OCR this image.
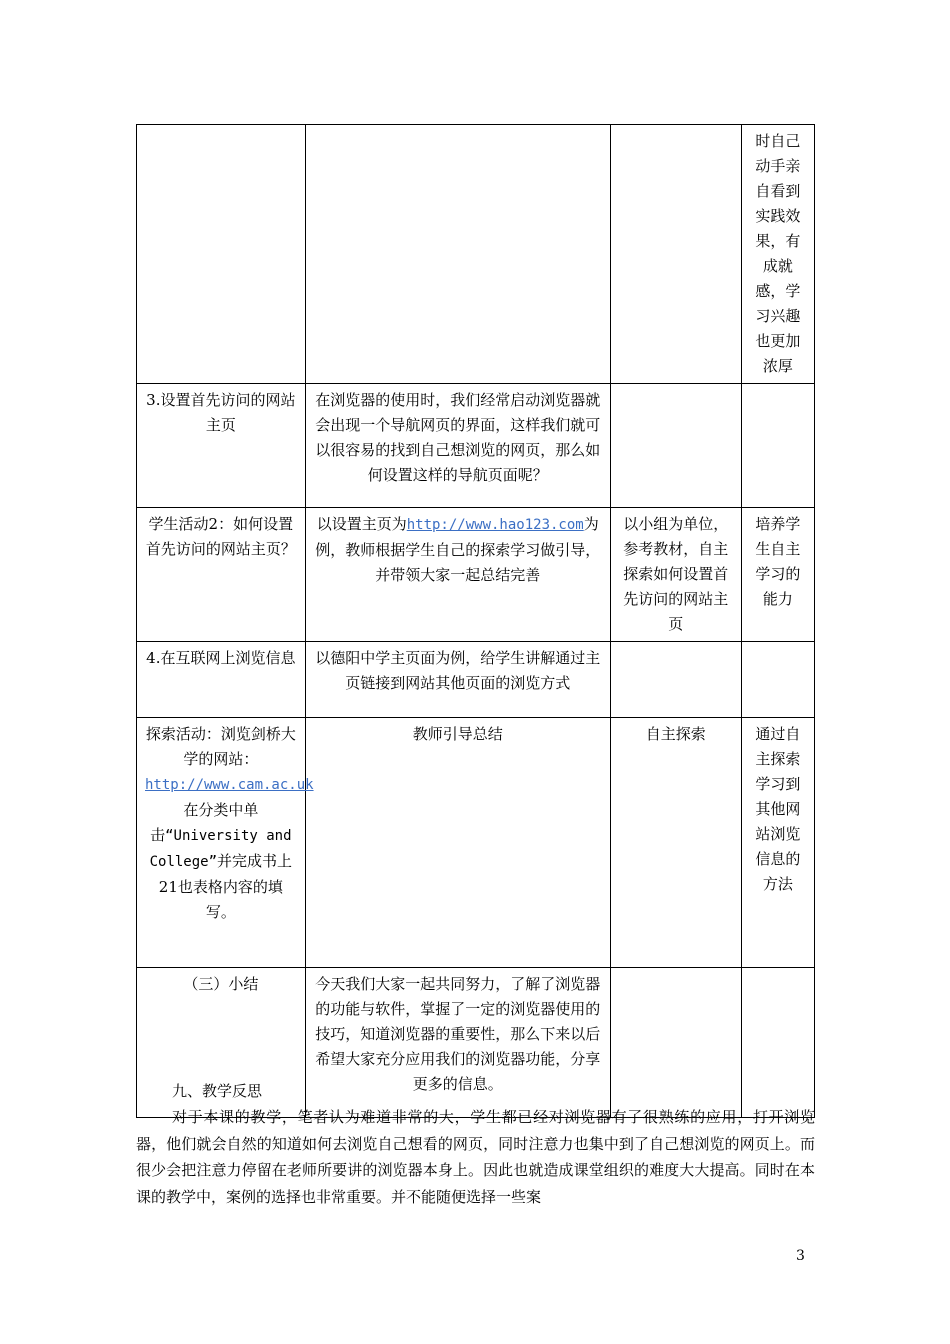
			时自己动手亲自看到实践效果，有成就感，学习兴趣也更加浓厚
3.设置首先访问的网站主页	在浏览器的使用时，我们经常启动浏览器就会出现一个导航网页的界面，这样我们就可以很容易的找到自己想浏览的网页，那么如何设置这样的导航页面呢？		
学生活动2：如何设置首先访问的网站主页？	以设置主页为http://www.hao123.com为例，教师根据学生自己的探索学习做引导，并带领大家一起总结完善	以小组为单位，参考教材，自主探索如何设置首先访问的网站主页	培养学生自主学习的能力
4.在互联网上浏览信息	以德阳中学主页面为例，给学生讲解通过主页链接到网站其他页面的浏览方式		
探索活动：浏览剑桥大学的网站：http://www.cam.ac.uk 在分类中单击“University and College”并完成书上21也表格内容的填写。	教师引导总结	自主探索	通过自主探索学习到其他网站浏览信息的方法
（三）小结	今天我们大家一起共同努力，了解了浏览器的功能与软件，掌握了一定的浏览器使用的技巧，知道浏览器的重要性，那么下来以后希望大家充分应用我们的浏览器功能，分享更多的信息。		
九、教学反思
对于本课的教学，笔者认为难道非常的大，学生都已经对浏览器有了很熟练的应用，打开浏览器，他们就会自然的知道如何去浏览自己想看的网页，同时注意力也集中到了自己想浏览的网页上。而很少会把注意力停留在老师所要讲的浏览器本身上。因此也就造成课堂组织的难度大大提高。同时在本课的教学中，案例的选择也非常重要。并不能随便选择一些案
3
